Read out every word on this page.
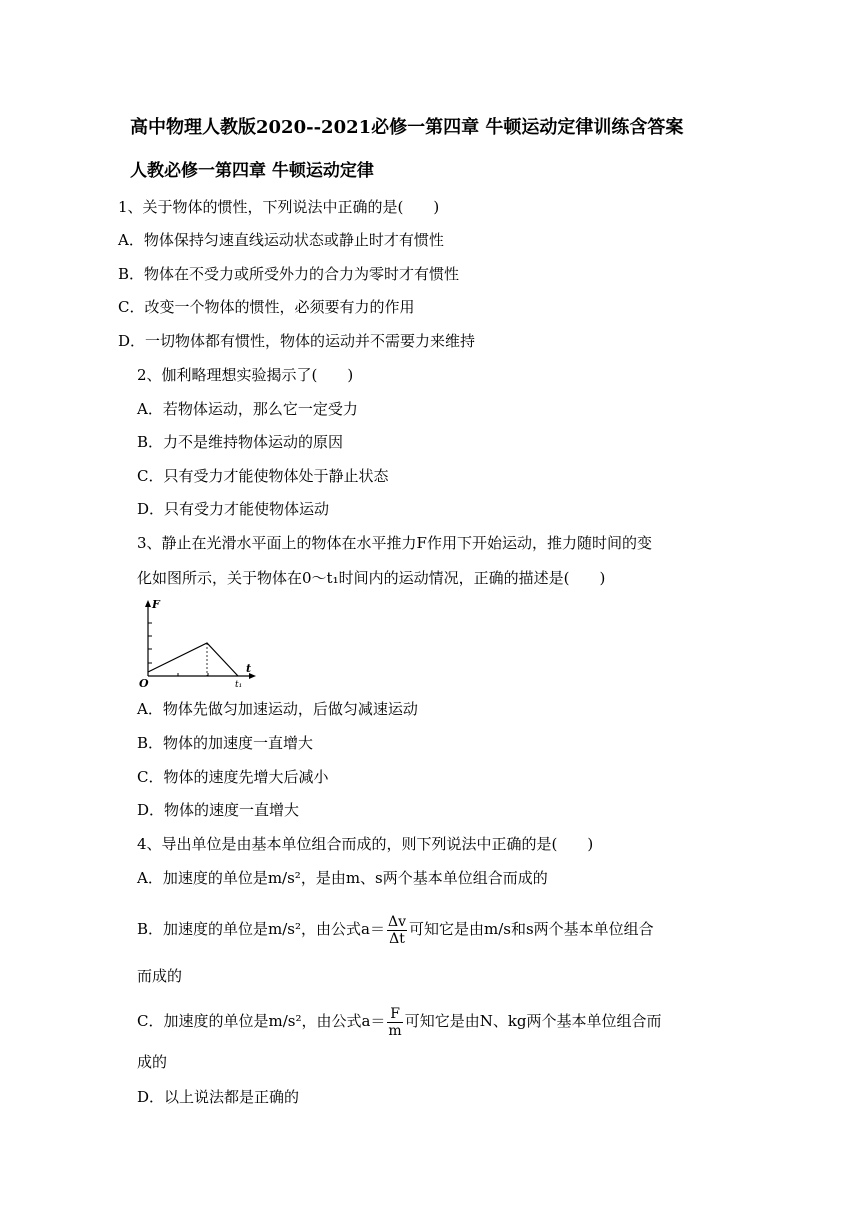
高中物理人教版2020--2021必修一第四章 牛顿运动定律训练含答案
人教必修一第四章 牛顿运动定律
1、关于物体的惯性，下列说法中正确的是(　　)
A．物体保持匀速直线运动状态或静止时才有惯性
B．物体在不受力或所受外力的合力为零时才有惯性
C．改变一个物体的惯性，必须要有力的作用
D．一切物体都有惯性，物体的运动并不需要力来维持
2、伽利略理想实验揭示了(　　)
A．若物体运动，那么它一定受力
B．力不是维持物体运动的原因
C．只有受力才能使物体处于静止状态
D．只有受力才能使物体运动
3、静止在光滑水平面上的物体在水平推力F作用下开始运动，推力随时间的变
化如图所示，关于物体在0～t₁时间内的运动情况，正确的描述是(　　)
F
t
O	t₁
A．物体先做匀加速运动，后做匀减速运动
B．物体的加速度一直增大
C．物体的速度先增大后减小
D．物体的速度一直增大
4、导出单位是由基本单位组合而成的，则下列说法中正确的是(　　)
A．加速度的单位是m/s²，是由m、s两个基本单位组合而成的
B．加速度的单位是m/s²，由公式$a= \frac{\Delta v}{\Delta t}$ 可知它是由m/s和s两个基本单位组合
而成的
C．加速度的单位是m/s²，由公式$a= \frac{F}{m}$ 可知它是由N、kg两个基本单位组合而
成的
D．以上说法都是正确的
